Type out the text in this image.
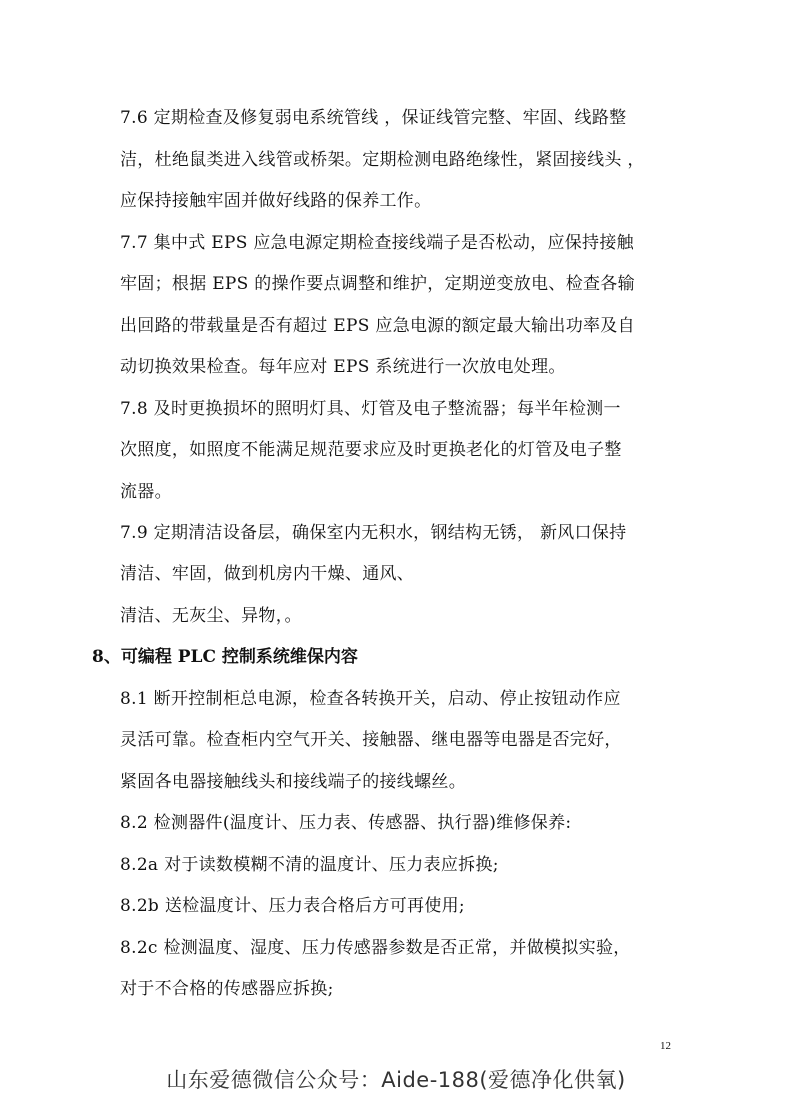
7.6 定期检查及修复弱电系统管线 ，保证线管完整、牢固、线路整
洁，杜绝鼠类进入线管或桥架。定期检测电路绝缘性，紧固接线头 ，
应保持接触牢固并做好线路的保养工作。
7.7 集中式 EPS 应急电源定期检查接线端子是否松动，应保持接触
牢固；根据 EPS 的操作要点调整和维护，定期逆变放电、检查各输
出回路的带载量是否有超过 EPS 应急电源的额定最大输出功率及自
动切换效果检查。每年应对 EPS 系统进行一次放电处理。
7.8 及时更换损坏的照明灯具、灯管及电子整流器；每半年检测一
次照度，如照度不能满足规范要求应及时更换老化的灯管及电子整
流器。
7.9 定期清洁设备层，确保室内无积水，钢结构无锈， 新风口保持
清洁、牢固，做到机房内干燥、通风、
清洁、无灰尘、异物，。
8、可编程 PLC 控制系统维保内容
8.1 断开控制柜总电源，检查各转换开关，启动、停止按钮动作应
灵活可靠。检查柜内空气开关、接触器、继电器等电器是否完好，
紧固各电器接触线头和接线端子的接线螺丝。
8.2 检测器件(温度计、压力表、传感器、执行器)维修保养:
8.2a 对于读数模糊不清的温度计、压力表应拆换;
8.2b 送检温度计、压力表合格后方可再使用;
8.2c 检测温度、湿度、压力传感器参数是否正常，并做模拟实验，
对于不合格的传感器应拆换;
12
山东爱德微信公众号：Aide-188(爱德净化供氧)
